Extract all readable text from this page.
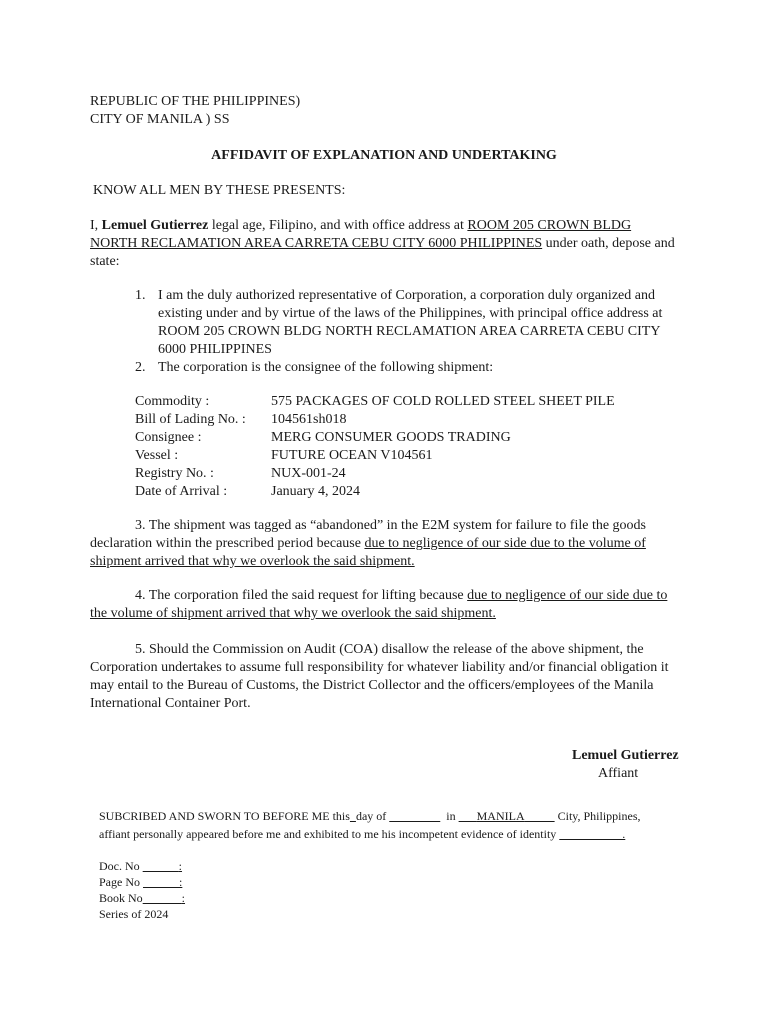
REPUBLIC OF THE PHILIPPINES)
CITY OF MANILA ) SS
AFFIDAVIT OF EXPLANATION AND UNDERTAKING
KNOW ALL MEN BY THESE PRESENTS:
I, Lemuel Gutierrez legal age, Filipino, and with office address at ROOM 205 CROWN BLDG
NORTH RECLAMATION AREA CARRETA CEBU CITY 6000 PHILIPPINES under oath, depose and
state:
1. I am the duly authorized representative of Corporation, a corporation duly organized and existing under and by virtue of the laws of the Philippines, with principal office address at ROOM 205 CROWN BLDG NORTH RECLAMATION AREA CARRETA CEBU CITY 6000 PHILIPPINES
2. The corporation is the consignee of the following shipment:
Commodity :	575 PACKAGES OF COLD ROLLED STEEL SHEET PILE
Bill of Lading No. :	104561sh018
Consignee :	MERG CONSUMER GOODS TRADING
Vessel :	FUTURE OCEAN V104561
Registry No. :	NUX-001-24
Date of Arrival :	January 4, 2024
3. The shipment was tagged as “abandoned” in the E2M system for failure to file the goods declaration within the prescribed period because due to negligence of our side due to the volume of shipment arrived that why we overlook the said shipment.
4. The corporation filed the said request for lifting because due to negligence of our side due to the volume of shipment arrived that why we overlook the said shipment.
5. Should the Commission on Audit (COA) disallow the release of the above shipment, the Corporation undertakes to assume full responsibility for whatever liability and/or financial obligation it may entail to the Bureau of Customs, the District Collector and the officers/employees of the Manila International Container Port.
Lemuel Gutierrez
Affiant
SUBCRIBED AND SWORN TO BEFORE ME this day of	in MANILA	City, Philippines,
affiant personally appeared before me and exhibited to me his incompetent evidence of identity                      .
Doc. No	:
Page No	:
Book No	:
Series of 2024
